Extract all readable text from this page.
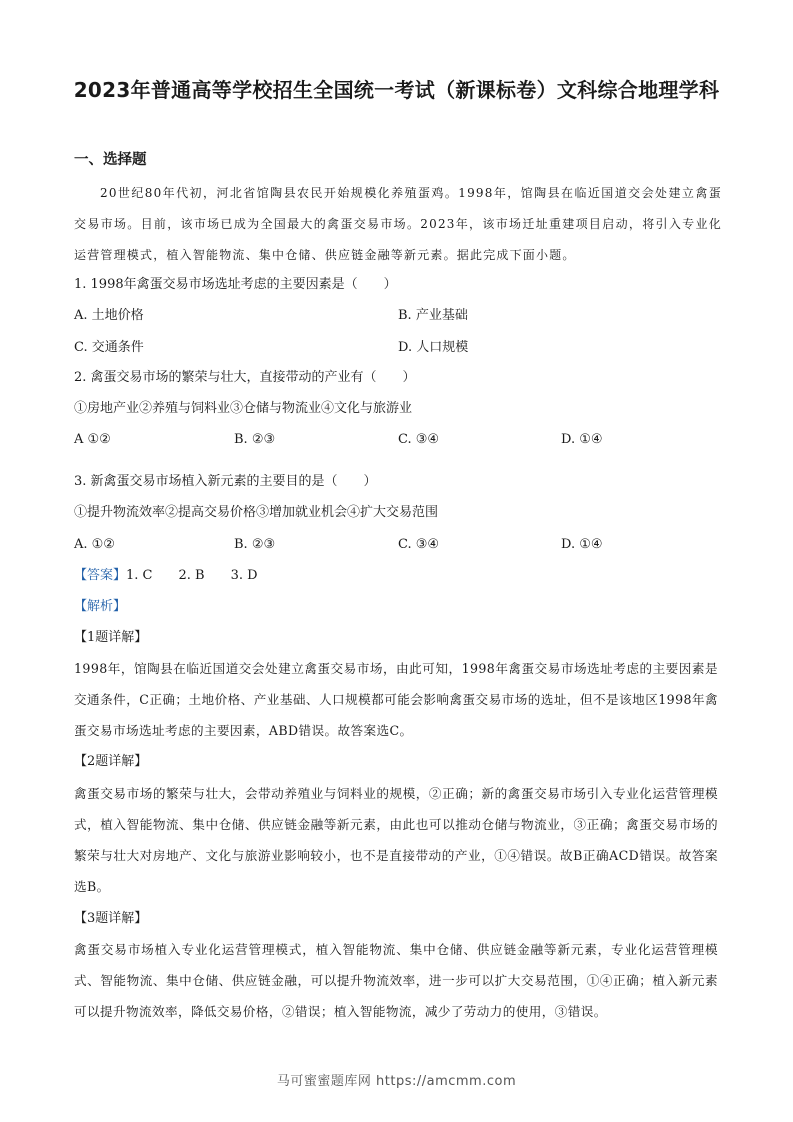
2023年普通高等学校招生全国统一考试（新课标卷）文科综合地理学科
一、选择题
20世纪80年代初，河北省馆陶县农民开始规模化养殖蛋鸡。1998年，馆陶县在临近国道交会处建立禽蛋交易市场。目前，该市场已成为全国最大的禽蛋交易市场。2023年，该市场迁址重建项目启动，将引入专业化运营管理模式，植入智能物流、集中仓储、供应链金融等新元素。据此完成下面小题。
1. 1998年禽蛋交易市场选址考虑的主要因素是（　　）
A. 土地价格	B. 产业基础
C. 交通条件	D. 人口规模
2. 禽蛋交易市场的繁荣与壮大，直接带动的产业有（　　）
①房地产业②养殖与饲料业③仓储与物流业④文化与旅游业
A ①②	B. ②③	C. ③④	D. ①④
3. 新禽蛋交易市场植入新元素的主要目的是（　　）
①提升物流效率②提高交易价格③增加就业机会④扩大交易范围
A. ①②	B. ②③	C. ③④	D. ①④
【答案】1. C　　2. B　　3. D
【解析】
【1题详解】
1998年，馆陶县在临近国道交会处建立禽蛋交易市场，由此可知，1998年禽蛋交易市场选址考虑的主要因素是交通条件，C正确；土地价格、产业基础、人口规模都可能会影响禽蛋交易市场的选址，但不是该地区1998年禽蛋交易市场选址考虑的主要因素，ABD错误。故答案选C。
【2题详解】
禽蛋交易市场的繁荣与壮大，会带动养殖业与饲料业的规模，②正确；新的禽蛋交易市场引入专业化运营管理模式，植入智能物流、集中仓储、供应链金融等新元素，由此也可以推动仓储与物流业，③正确；禽蛋交易市场的繁荣与壮大对房地产、文化与旅游业影响较小，也不是直接带动的产业，①④错误。故B正确ACD错误。故答案选B。
【3题详解】
禽蛋交易市场植入专业化运营管理模式，植入智能物流、集中仓储、供应链金融等新元素，专业化运营管理模式、智能物流、集中仓储、供应链金融，可以提升物流效率，进一步可以扩大交易范围，①④正确；植入新元素可以提升物流效率，降低交易价格，②错误；植入智能物流，减少了劳动力的使用，③错误。
马可蜜蜜题库网 https://amcmm.com
